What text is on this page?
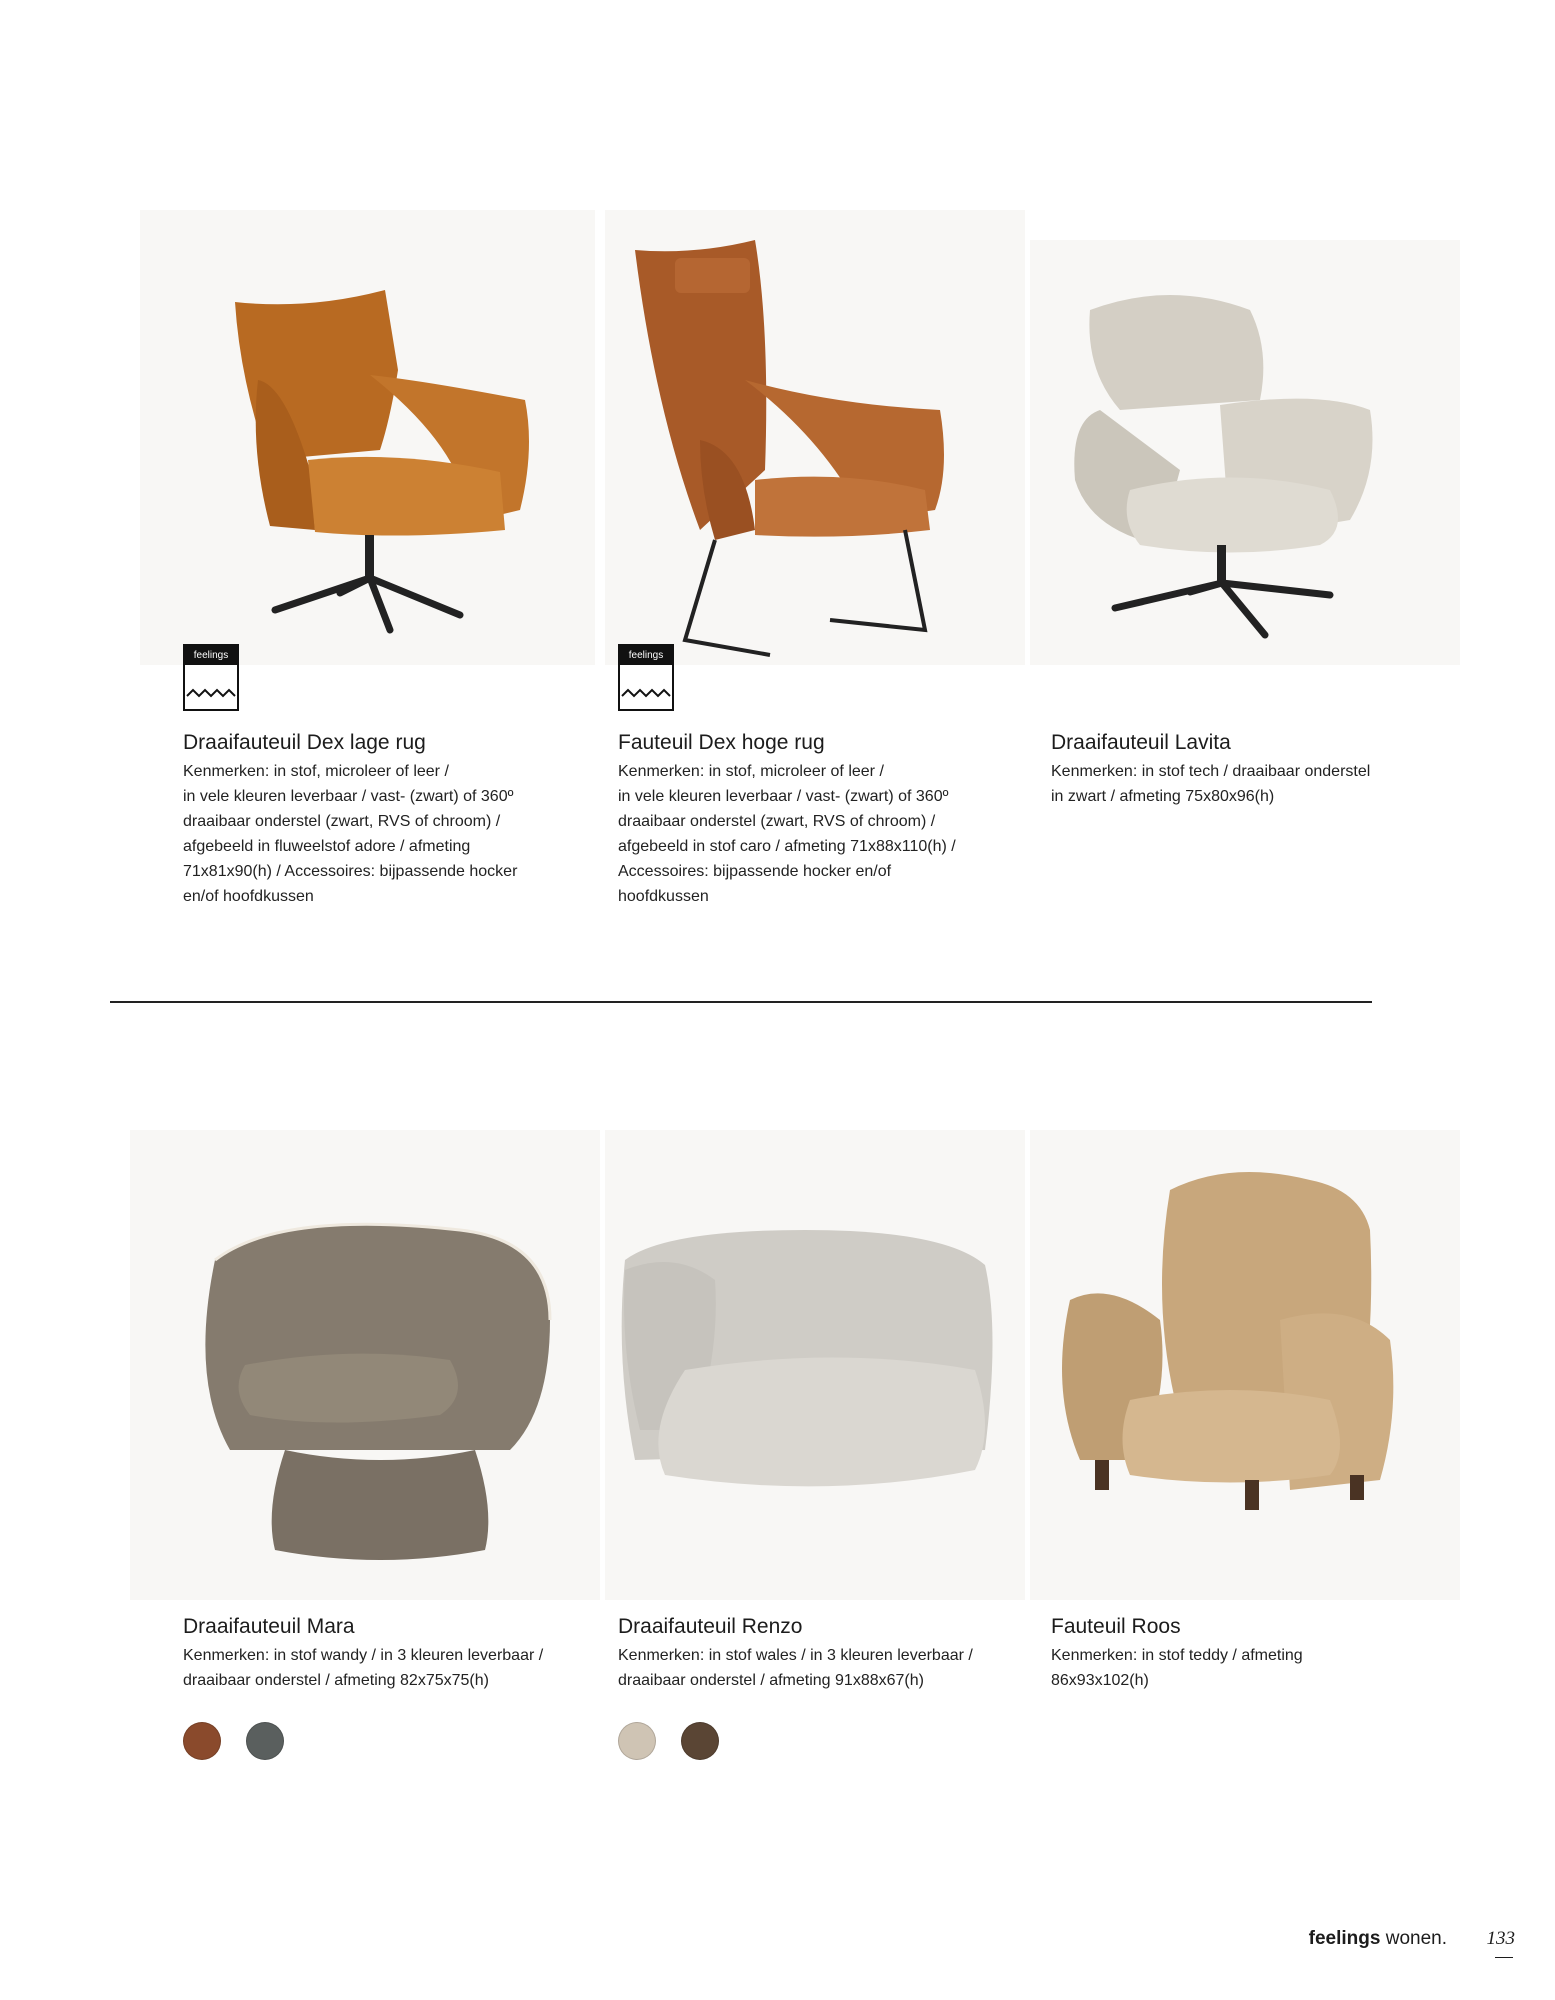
feelings
Draaifauteuil Dex lage rug
Kenmerken: in stof, microleer of leer /
in vele kleuren leverbaar / vast- (zwart) of 360º
draaibaar onderstel (zwart, RVS of chroom) /
afgebeeld in fluweelstof adore / afmeting
71x81x90(h) / Accessoires: bijpassende hocker
en/of hoofdkussen
feelings
Fauteuil Dex hoge rug
Kenmerken: in stof, microleer of leer /
in vele kleuren leverbaar / vast- (zwart) of 360º
draaibaar onderstel (zwart, RVS of chroom) /
afgebeeld in stof caro / afmeting 71x88x110(h) /
Accessoires: bijpassende hocker en/of
hoofdkussen
Draaifauteuil Lavita
Kenmerken: in stof tech / draaibaar onderstel
in zwart / afmeting 75x80x96(h)
Draaifauteuil Mara
Kenmerken: in stof wandy / in 3 kleuren leverbaar /
draaibaar onderstel / afmeting 82x75x75(h)
Draaifauteuil Renzo
Kenmerken: in stof wales / in 3 kleuren leverbaar /
draaibaar onderstel / afmeting 91x88x67(h)
Fauteuil Roos
Kenmerken: in stof teddy / afmeting
86x93x102(h)
feelings wonen. 133
